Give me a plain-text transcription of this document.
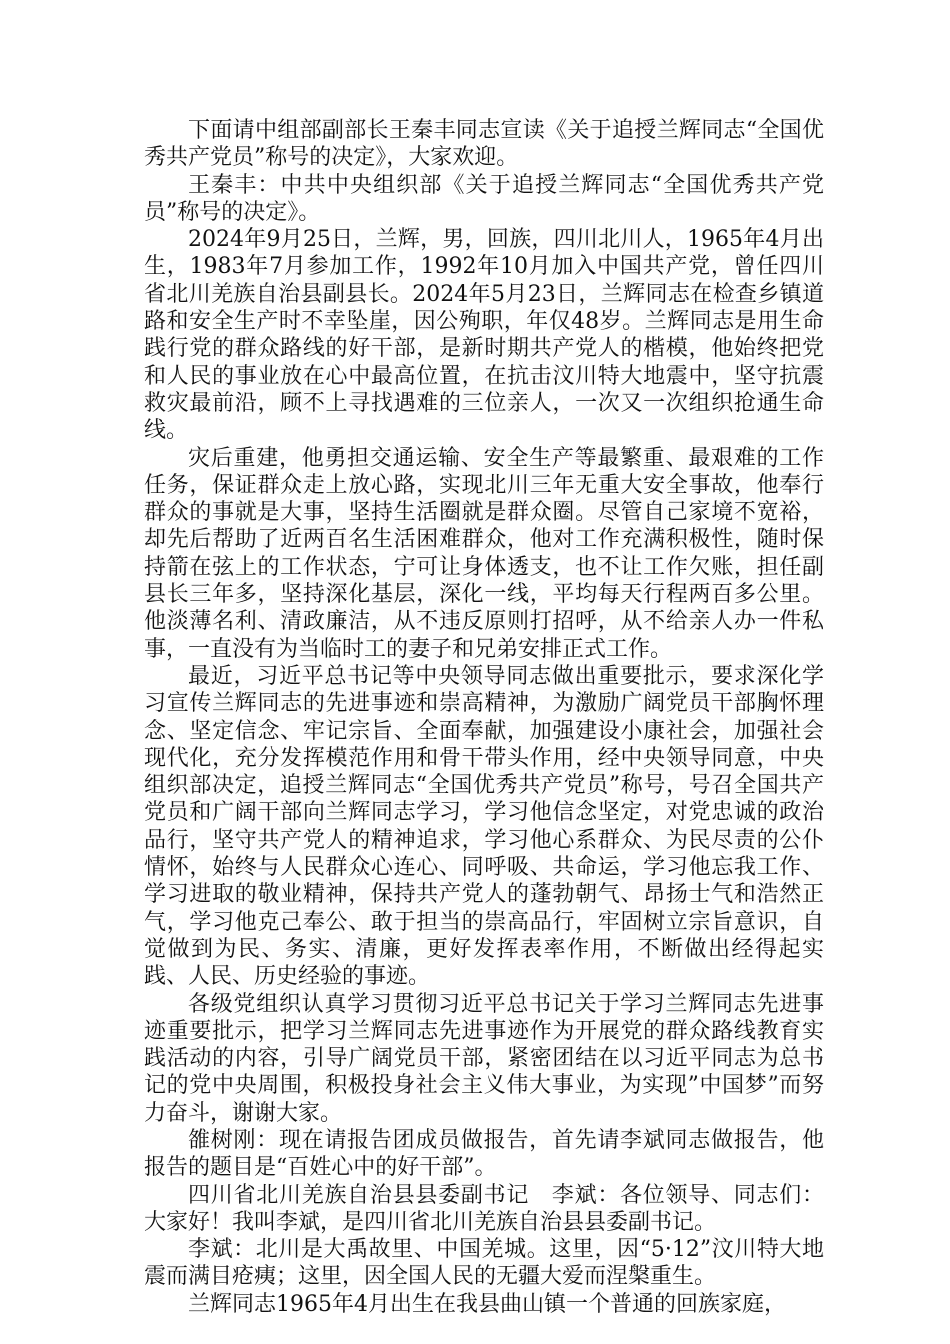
下面请中组部副部长王秦丰同志宣读《关于追授兰辉同志“全国优秀共产党员”称号的决定》，大家欢迎。

王秦丰：中共中央组织部《关于追授兰辉同志“全国优秀共产党员”称号的决定》。

2024年9月25日，兰辉，男，回族，四川北川人，1965年4月出生，1983年7月参加工作，1992年10月加入中国共产党，曾任四川省北川羌族自治县副县长。2024年5月23日，兰辉同志在检查乡镇道路和安全生产时不幸坠崖，因公殉职，年仅48岁。兰辉同志是用生命践行党的群众路线的好干部，是新时期共产党人的楷模，他始终把党和人民的事业放在心中最高位置，在抗击汶川特大地震中，坚守抗震救灾最前沿，顾不上寻找遇难的三位亲人，一次又一次组织抢通生命线。

灾后重建，他勇担交通运输、安全生产等最繁重、最艰难的工作任务，保证群众走上放心路，实现北川三年无重大安全事故，他奉行群众的事就是大事，坚持生活圈就是群众圈。尽管自己家境不宽裕，却先后帮助了近两百名生活困难群众，他对工作充满积极性，随时保持箭在弦上的工作状态，宁可让身体透支，也不让工作欠账，担任副县长三年多，坚持深化基层，深化一线，平均每天行程两百多公里。他淡薄名利、清政廉洁，从不违反原则打招呼，从不给亲人办一件私事，一直没有为当临时工的妻子和兄弟安排正式工作。

最近，习近平总书记等中央领导同志做出重要批示，要求深化学习宣传兰辉同志的先进事迹和崇高精神，为激励广阔党员干部胸怀理念、坚定信念、牢记宗旨、全面奉献，加强建设小康社会，加强社会现代化，充分发挥模范作用和骨干带头作用，经中央领导同意，中央组织部决定，追授兰辉同志“全国优秀共产党员”称号，号召全国共产党员和广阔干部向兰辉同志学习，学习他信念坚定，对党忠诚的政治品行，坚守共产党人的精神追求，学习他心系群众、为民尽责的公仆情怀，始终与人民群众心连心、同呼吸、共命运，学习他忘我工作、学习进取的敬业精神，保持共产党人的蓬勃朝气、昂扬士气和浩然正气，学习他克己奉公、敢于担当的崇高品行，牢固树立宗旨意识，自觉做到为民、务实、清廉，更好发挥表率作用，不断做出经得起实践、人民、历史经验的事迹。

各级党组织认真学习贯彻习近平总书记关于学习兰辉同志先进事迹重要批示，把学习兰辉同志先进事迹作为开展党的群众路线教育实践活动的内容，引导广阔党员干部，紧密团结在以习近平同志为总书记的党中央周围，积极投身社会主义伟大事业，为实现”中国梦”而努力奋斗，谢谢大家。

雒树刚：现在请报告团成员做报告，首先请李斌同志做报告，他报告的题目是“百姓心中的好干部”。

四川省北川羌族自治县县委副书记　李斌：各位领导、同志们：大家好！我叫李斌，是四川省北川羌族自治县县委副书记。

李斌：北川是大禹故里、中国羌城。这里，因“5·12”汶川特大地震而满目疮痍；这里，因全国人民的无疆大爱而涅槃重生。

兰辉同志1965年4月出生在我县曲山镇一个普通的回族家庭，
